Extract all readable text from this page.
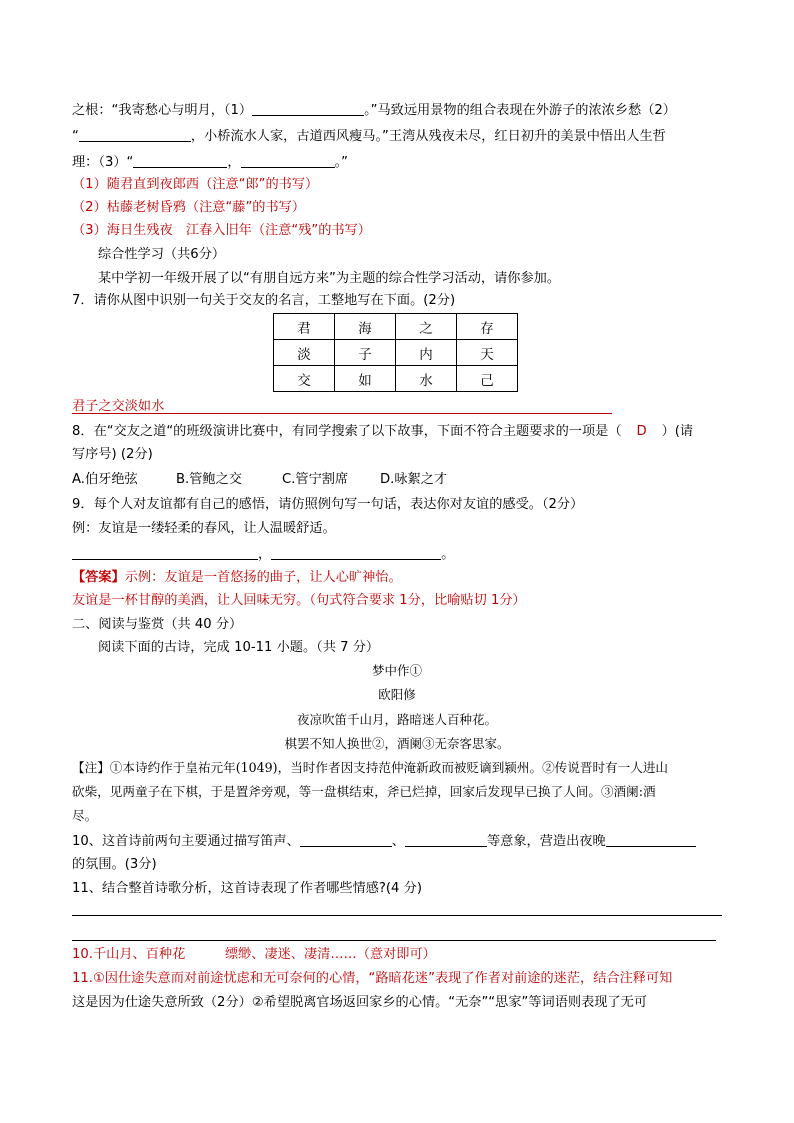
之根：“我寄愁心与明月，（1）	。”马致远用景物的组合表现在外游子的浓浓乡愁（2）
“	，小桥流水人家，古道西风瘦马。”王湾从残夜未尽，红日初升的美景中悟出人生哲
理：（3）“	，	。”
（1）随君直到夜郎西（注意“郎”的书写）
（2）枯藤老树昏鸦（注意“藤”的书写）
（3）海日生残夜　江春入旧年（注意“残”的书写）
综合性学习（共6分）
某中学初一年级开展了以“有朋自远方来”为主题的综合性学习活动，请你参加。
7．请你从图中识别一句关于交友的名言，工整地写在下面。(2分)
君	海	之	存
淡	子	内	天
交	如	水	己
君子之交淡如水
8．在“交友之道“的班级演讲比赛中，有同学搜索了以下故事，下面不符合主题要求的一项是（ D ）(请
写序号) (2分)
A.伯牙绝弦	B.管鲍之交	C.管宁割席 D.咏絮之才
9．每个人对友谊都有自己的感悟，请仿照例句写一句话，表达你对友谊的感受。（2分）
例：友谊是一缕轻柔的春风，让人温暖舒适。
，	。
【答案】示例：友谊是一首悠扬的曲子，让人心旷神怡。
友谊是一杯甘醇的美酒，让人回味无穷。（句式符合要求 1分，比喻贴切 1分）
二、阅读与鉴赏（共 40 分）
阅读下面的古诗，完成 10-11 小题。（共 7 分）
梦中作①
欧阳修
夜凉吹笛千山月，路暗迷人百种花。
棋罢不知人换世②，酒阑③无奈客思家。
【注】①本诗约作于皇祐元年(1049)，当时作者因支持范仲淹新政而被贬谪到颍州。②传说晋时有一人进山
砍柴，见两童子在下棋，于是置斧旁观，等一盘棋结束，斧已烂掉，回家后发现早已换了人间。③酒阑:酒
尽。
10、这首诗前两句主要通过描写笛声、	、	等意象，营造出夜晚
的氛围。(3分)
11、结合整首诗歌分析，这首诗表现了作者哪些情感?(4 分)
10.千山月、百种花　　　缥缈、凄迷、凄清……（意对即可）
11.①因仕途失意而对前途忧虑和无可奈何的心情，“路暗花迷”表现了作者对前途的迷茫，结合注释可知
这是因为仕途失意所致（2分）②希望脱离官场返回家乡的心情。“无奈”“思家”等词语则表现了无可
